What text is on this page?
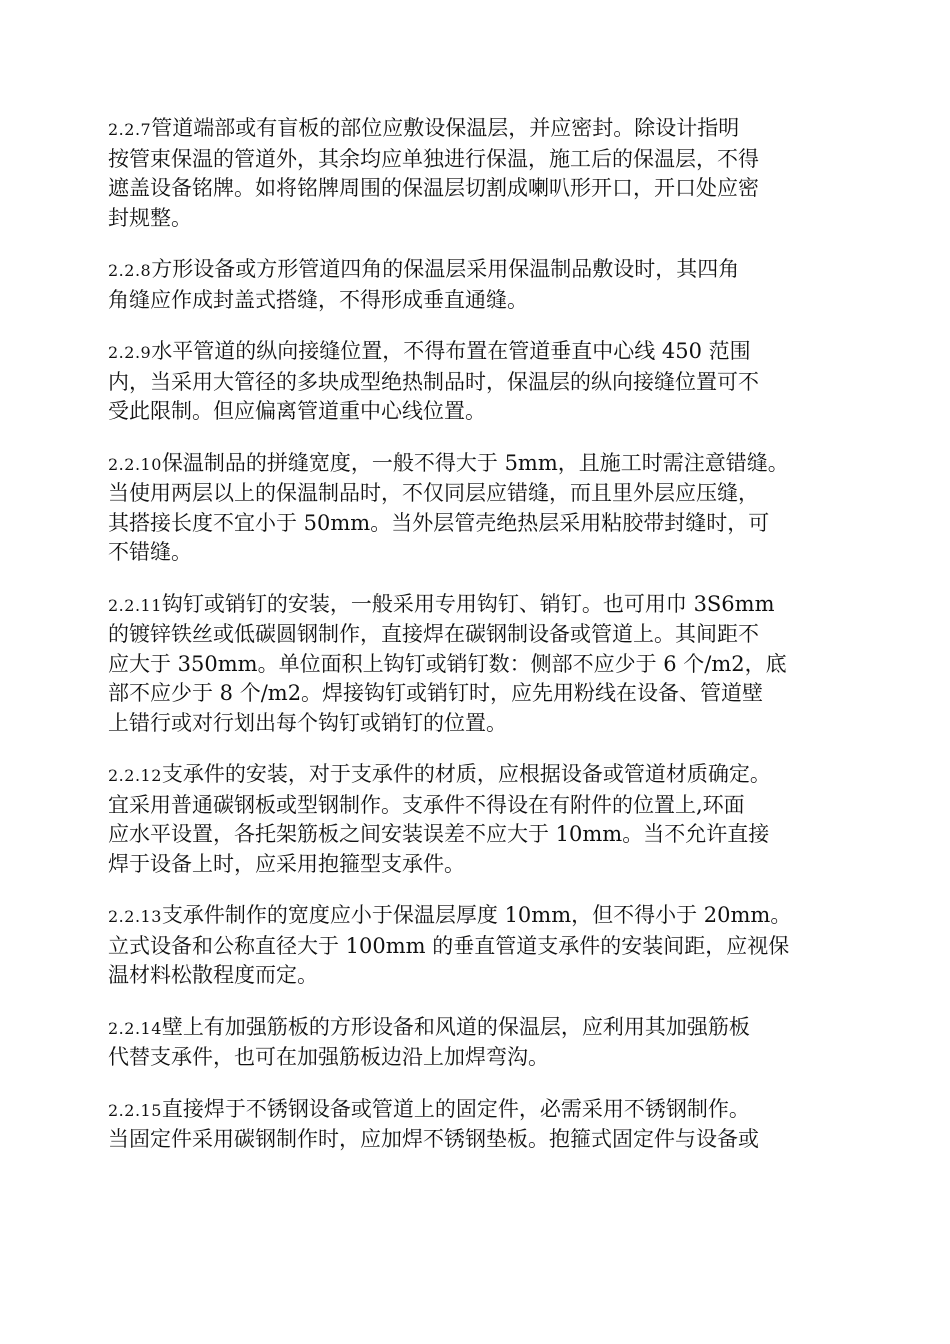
2.2.7管道端部或有盲板的部位应敷设保温层，并应密封。除设计指明
按管束保温的管道外，其余均应单独进行保温，施工后的保温层，不得
遮盖设备铭牌。如将铭牌周围的保温层切割成喇叭形开口，开口处应密
封规整。

2.2.8方形设备或方形管道四角的保温层采用保温制品敷设时，其四角
角缝应作成封盖式搭缝，不得形成垂直通缝。

2.2.9水平管道的纵向接缝位置，不得布置在管道垂直中心线 450 范围
内，当采用大管径的多块成型绝热制品时，保温层的纵向接缝位置可不
受此限制。但应偏离管道重中心线位置。

2.2.10保温制品的拼缝宽度，一般不得大于 5mm，且施工时需注意错缝。
当使用两层以上的保温制品时，不仅同层应错缝，而且里外层应压缝，
其搭接长度不宜小于 50mm。当外层管壳绝热层采用粘胶带封缝时，可
不错缝。

2.2.11钩钉或销钉的安装，一般采用专用钩钉、销钉。也可用巾 3S6mm
的镀锌铁丝或低碳圆钢制作，直接焊在碳钢制设备或管道上。其间距不
应大于 350mm。单位面积上钩钉或销钉数：侧部不应少于 6 个/m2，底
部不应少于 8 个/m2。焊接钩钉或销钉时，应先用粉线在设备、管道壁
上错行或对行划出每个钩钉或销钉的位置。

2.2.12支承件的安装，对于支承件的材质，应根据设备或管道材质确定。
宜采用普通碳钢板或型钢制作。支承件不得设在有附件的位置上,环面
应水平设置，各托架筋板之间安装误差不应大于 10mm。当不允许直接
焊于设备上时，应采用抱箍型支承件。

2.2.13支承件制作的宽度应小于保温层厚度 10mm，但不得小于 20mm。
立式设备和公称直径大于 100mm 的垂直管道支承件的安装间距，应视保
温材料松散程度而定。

2.2.14壁上有加强筋板的方形设备和风道的保温层，应利用其加强筋板
代替支承件，也可在加强筋板边沿上加焊弯沟。

2.2.15直接焊于不锈钢设备或管道上的固定件，必需采用不锈钢制作。
当固定件采用碳钢制作时，应加焊不锈钢垫板。抱箍式固定件与设备或
